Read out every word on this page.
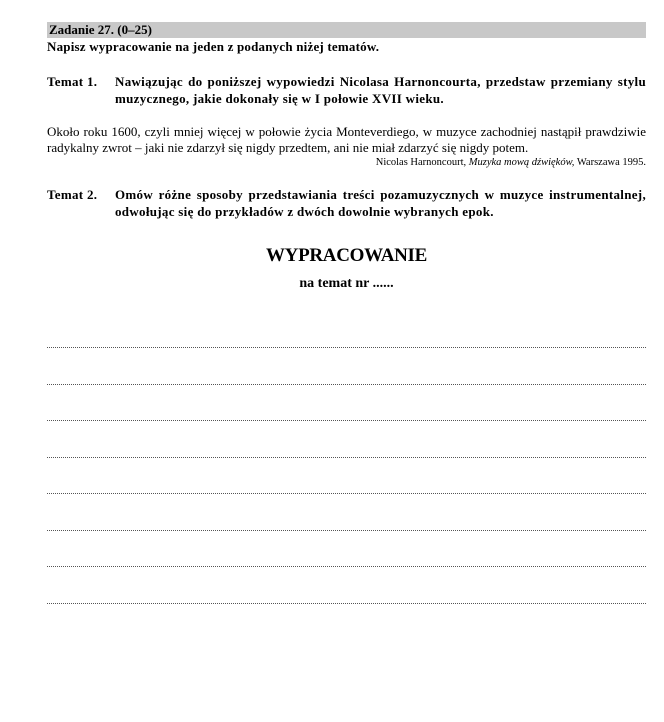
Zadanie 27. (0–25)
Napisz wypracowanie na jeden z podanych niżej tematów.
Temat 1.	Nawiązując do poniższej wypowiedzi Nicolasa Harnoncourta, przedstaw przemiany stylu muzycznego, jakie dokonały się w I połowie XVII wieku.
Około roku 1600, czyli mniej więcej w połowie życia Monteverdiego, w muzyce zachodniej nastąpił prawdziwie radykalny zwrot – jaki nie zdarzył się nigdy przedtem, ani nie miał zdarzyć się nigdy potem.
Nicolas Harnoncourt, Muzyka mową dźwięków, Warszawa 1995.
Temat 2.	Omów różne sposoby przedstawiania treści pozamuzycznych w muzyce instrumentalnej, odwołując się do przykładów z dwóch dowolnie wybranych epok.
WYPRACOWANIE
na temat nr ......
